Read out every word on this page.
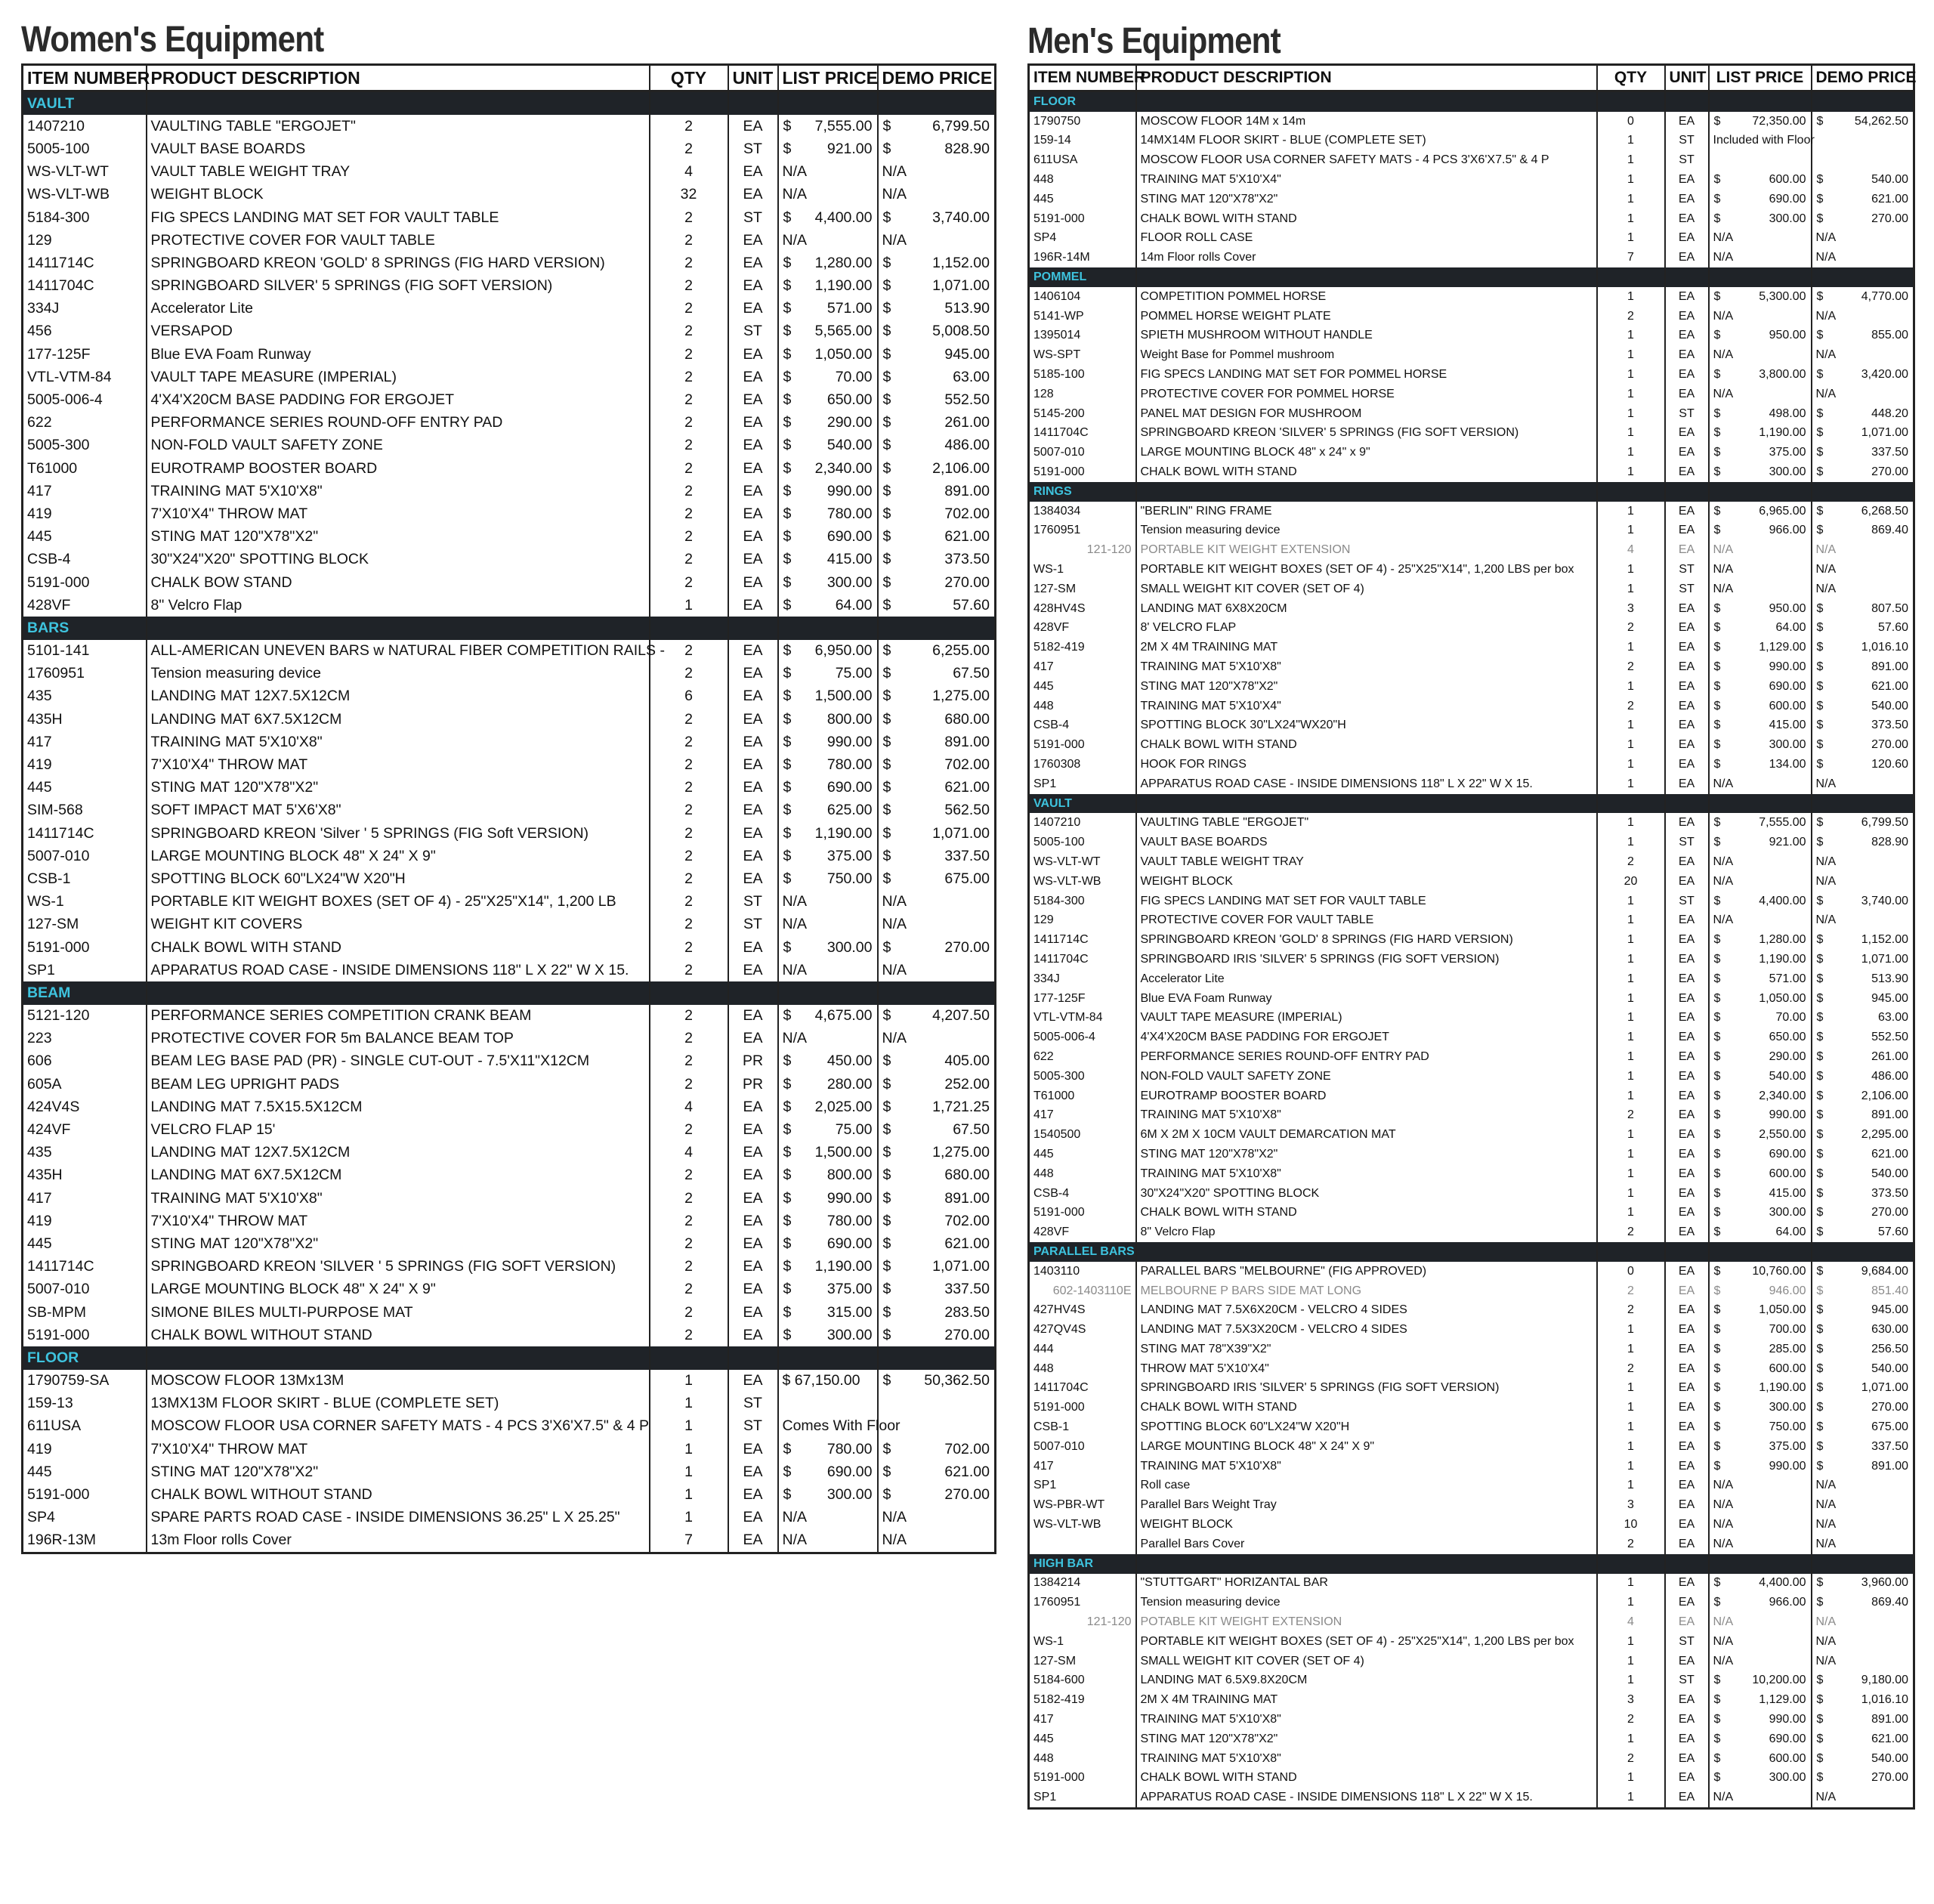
Women's Equipment
ITEM NUMBER	PRODUCT DESCRIPTION	QTY	UNIT	LIST PRICE	DEMO PRICE
VAULT					
1407210	VAULTING TABLE "ERGOJET"	2	EA	$ 7,555.00	$ 6,799.50

5005-100	VAULT BASE BOARDS	2	ST	$ 921.00	$ 828.90

WS-VLT-WT	VAULT TABLE WEIGHT TRAY	4	EA	N/A	N/A
WS-VLT-WB	WEIGHT BLOCK	32	EA	N/A	N/A
5184-300	FIG SPECS LANDING MAT SET FOR VAULT TABLE	2	ST	$ 4,400.00	$ 3,740.00

129	PROTECTIVE COVER FOR VAULT TABLE	2	EA	N/A	N/A
1411714C	SPRINGBOARD KREON 'GOLD' 8 SPRINGS (FIG HARD VERSION)	2	EA	$ 1,280.00	$ 1,152.00

1411704C	SPRINGBOARD SILVER' 5 SPRINGS (FIG SOFT VERSION)	2	EA	$ 1,190.00	$ 1,071.00

334J	Accelerator Lite	2	EA	$ 571.00	$ 513.90

456	VERSAPOD	2	ST	$ 5,565.00	$ 5,008.50

177-125F	Blue EVA Foam Runway	2	EA	$ 1,050.00	$ 945.00

VTL-VTM-84	VAULT TAPE MEASURE (IMPERIAL)	2	EA	$ 70.00	$ 63.00

5005-006-4	4'X4'X20CM BASE PADDING FOR ERGOJET	2	EA	$ 650.00	$ 552.50

622	PERFORMANCE SERIES ROUND-OFF ENTRY PAD	2	EA	$ 290.00	$ 261.00

5005-300	NON-FOLD VAULT SAFETY ZONE	2	EA	$ 540.00	$ 486.00

T61000	EUROTRAMP BOOSTER BOARD	2	EA	$ 2,340.00	$ 2,106.00

417	TRAINING MAT 5'X10'X8"	2	EA	$ 990.00	$ 891.00

419	7'X10'X4" THROW MAT	2	EA	$ 780.00	$ 702.00

445	STING MAT 120"X78"X2"	2	EA	$ 690.00	$ 621.00

CSB-4	30"X24"X20" SPOTTING BLOCK	2	EA	$ 415.00	$ 373.50

5191-000	CHALK BOW STAND	2	EA	$ 300.00	$ 270.00

428VF	8" Velcro Flap	1	EA	$ 64.00	$ 57.60

BARS					
5101-141	ALL-AMERICAN UNEVEN BARS w NATURAL FIBER COMPETITION RAILS -	2	EA	$ 6,950.00	$ 6,255.00

1760951	Tension measuring device	2	EA	$ 75.00	$ 67.50

435	LANDING MAT 12X7.5X12CM	6	EA	$ 1,500.00	$ 1,275.00

435H	LANDING MAT 6X7.5X12CM	2	EA	$ 800.00	$ 680.00

417	TRAINING MAT 5'X10'X8"	2	EA	$ 990.00	$ 891.00

419	7'X10'X4" THROW MAT	2	EA	$ 780.00	$ 702.00

445	STING MAT 120"X78"X2"	2	EA	$ 690.00	$ 621.00

SIM-568	SOFT IMPACT MAT 5'X6'X8"	2	EA	$ 625.00	$ 562.50

1411714C	SPRINGBOARD KREON 'Silver ' 5 SPRINGS (FIG Soft VERSION)	2	EA	$ 1,190.00	$ 1,071.00

5007-010	LARGE MOUNTING BLOCK 48" X 24" X 9"	2	EA	$ 375.00	$ 337.50

CSB-1	SPOTTING BLOCK 60"LX24"W X20"H	2	EA	$ 750.00	$ 675.00

WS-1	PORTABLE KIT WEIGHT BOXES (SET OF 4) - 25"X25"X14", 1,200 LB	2	ST	N/A	N/A
127-SM	WEIGHT KIT COVERS	2	ST	N/A	N/A
5191-000	CHALK BOWL WITH STAND	2	EA	$ 300.00	$ 270.00

SP1	APPARATUS ROAD CASE - INSIDE DIMENSIONS 118" L X 22" W X 15.	2	EA	N/A	N/A
BEAM					
5121-120	PERFORMANCE SERIES COMPETITION CRANK BEAM	2	EA	$ 4,675.00	$ 4,207.50

223	PROTECTIVE COVER FOR 5m BALANCE BEAM TOP	2	EA	N/A	N/A
606	BEAM LEG BASE PAD (PR) - SINGLE CUT-OUT - 7.5'X11"X12CM	2	PR	$ 450.00	$ 405.00

605A	BEAM LEG UPRIGHT PADS	2	PR	$ 280.00	$ 252.00

424V4S	LANDING MAT 7.5X15.5X12CM	4	EA	$ 2,025.00	$ 1,721.25

424VF	VELCRO FLAP 15'	2	EA	$ 75.00	$ 67.50

435	LANDING MAT 12X7.5X12CM	4	EA	$ 1,500.00	$ 1,275.00

435H	LANDING MAT 6X7.5X12CM	2	EA	$ 800.00	$ 680.00

417	TRAINING MAT 5'X10'X8"	2	EA	$ 990.00	$ 891.00

419	7'X10'X4" THROW MAT	2	EA	$ 780.00	$ 702.00

445	STING MAT 120"X78"X2"	2	EA	$ 690.00	$ 621.00

1411714C	SPRINGBOARD KREON 'SILVER ' 5 SPRINGS (FIG SOFT VERSION)	2	EA	$ 1,190.00	$ 1,071.00

5007-010	LARGE MOUNTING BLOCK 48" X 24" X 9"	2	EA	$ 375.00	$ 337.50

SB-MPM	SIMONE BILES MULTI-PURPOSE MAT	2	EA	$ 315.00	$ 283.50

5191-000	CHALK BOWL WITHOUT STAND	2	EA	$ 300.00	$ 270.00

FLOOR					
1790759-SA	MOSCOW FLOOR 13Mx13M	1	EA	$ 67,150.00	$ 50,362.50

159-13	13MX13M FLOOR SKIRT - BLUE (COMPLETE SET)	1	ST		
611USA	MOSCOW FLOOR USA CORNER SAFETY MATS - 4 PCS 3'X6'X7.5" & 4 P	1	ST	Comes With Floor	
419	7'X10'X4" THROW MAT	1	EA	$ 780.00	$ 702.00

445	STING MAT 120"X78"X2"	1	EA	$ 690.00	$ 621.00

5191-000	CHALK BOWL WITHOUT STAND	1	EA	$ 300.00	$ 270.00

SP4	SPARE PARTS ROAD CASE - INSIDE DIMENSIONS 36.25" L X 25.25"	1	EA	N/A	N/A
196R-13M	13m Floor rolls Cover	7	EA	N/A	N/A
Men's Equipment
ITEM NUMBER	PRODUCT DESCRIPTION	QTY	UNIT	LIST PRICE	DEMO PRICE
FLOOR					
1790750	MOSCOW FLOOR 14M x 14m	0	EA	$ 72,350.00	$ 54,262.50

159-14	14MX14M FLOOR SKIRT - BLUE (COMPLETE SET)	1	ST	Included with Floor	
611USA	MOSCOW FLOOR USA CORNER SAFETY MATS - 4 PCS 3'X6'X7.5" & 4 P	1	ST		
448	TRAINING MAT 5'X10'X4"	1	EA	$ 600.00	$ 540.00

445	STING MAT 120"X78"X2"	1	EA	$ 690.00	$ 621.00

5191-000	CHALK BOWL WITH STAND	1	EA	$ 300.00	$ 270.00

SP4	FLOOR ROLL CASE	1	EA	N/A	N/A
196R-14M	14m Floor rolls Cover	7	EA	N/A	N/A
POMMEL					
1406104	COMPETITION POMMEL HORSE	1	EA	$ 5,300.00	$ 4,770.00

5141-WP	POMMEL HORSE WEIGHT PLATE	2	EA	N/A	N/A
1395014	SPIETH MUSHROOM WITHOUT HANDLE	1	EA	$ 950.00	$ 855.00

WS-SPT	Weight Base for Pommel mushroom	1	EA	N/A	N/A
5185-100	FIG SPECS LANDING MAT SET FOR POMMEL HORSE	1	EA	$ 3,800.00	$ 3,420.00

128	PROTECTIVE COVER FOR POMMEL HORSE	1	EA	N/A	N/A
5145-200	PANEL MAT DESIGN FOR MUSHROOM	1	ST	$ 498.00	$ 448.20

1411704C	SPRINGBOARD KREON 'SILVER' 5 SPRINGS (FIG SOFT VERSION)	1	EA	$ 1,190.00	$ 1,071.00

5007-010	LARGE MOUNTING BLOCK 48" x 24" x 9"	1	EA	$ 375.00	$ 337.50

5191-000	CHALK BOWL WITH STAND	1	EA	$ 300.00	$ 270.00

RINGS					
1384034	"BERLIN" RING FRAME	1	EA	$ 6,965.00	$ 6,268.50

1760951	Tension measuring device	1	EA	$ 966.00	$ 869.40

121-120	PORTABLE KIT WEIGHT EXTENSION	4	EA	N/A	N/A
WS-1	PORTABLE KIT WEIGHT BOXES (SET OF 4) - 25"X25"X14", 1,200 LBS per box	1	ST	N/A	N/A
127-SM	SMALL WEIGHT KIT COVER (SET OF 4)	1	ST	N/A	N/A
428HV4S	LANDING MAT 6X8X20CM	3	EA	$ 950.00	$ 807.50

428VF	8' VELCRO FLAP	2	EA	$ 64.00	$ 57.60

5182-419	2M X 4M TRAINING MAT	1	EA	$ 1,129.00	$ 1,016.10

417	TRAINING MAT 5'X10'X8"	2	EA	$ 990.00	$ 891.00

445	STING MAT 120"X78"X2"	1	EA	$ 690.00	$ 621.00

448	TRAINING MAT 5'X10'X4"	2	EA	$ 600.00	$ 540.00

CSB-4	SPOTTING BLOCK 30"LX24"WX20"H	1	EA	$ 415.00	$ 373.50

5191-000	CHALK BOWL WITH STAND	1	EA	$ 300.00	$ 270.00

1760308	HOOK FOR RINGS	1	EA	$ 134.00	$ 120.60

SP1	APPARATUS ROAD CASE - INSIDE DIMENSIONS 118" L X 22" W X 15.	1	EA	N/A	N/A
VAULT					
1407210	VAULTING TABLE "ERGOJET"	1	EA	$ 7,555.00	$ 6,799.50

5005-100	VAULT BASE BOARDS	1	ST	$ 921.00	$ 828.90

WS-VLT-WT	VAULT TABLE WEIGHT TRAY	2	EA	N/A	N/A
WS-VLT-WB	WEIGHT BLOCK	20	EA	N/A	N/A
5184-300	FIG SPECS LANDING MAT SET FOR VAULT TABLE	1	ST	$ 4,400.00	$ 3,740.00

129	PROTECTIVE COVER FOR VAULT TABLE	1	EA	N/A	N/A
1411714C	SPRINGBOARD KREON 'GOLD' 8 SPRINGS (FIG HARD VERSION)	1	EA	$ 1,280.00	$ 1,152.00

1411704C	SPRINGBOARD IRIS 'SILVER' 5 SPRINGS (FIG SOFT VERSION)	1	EA	$ 1,190.00	$ 1,071.00

334J	Accelerator Lite	1	EA	$ 571.00	$ 513.90

177-125F	Blue EVA Foam Runway	1	EA	$ 1,050.00	$ 945.00

VTL-VTM-84	VAULT TAPE MEASURE (IMPERIAL)	1	EA	$ 70.00	$ 63.00

5005-006-4	4'X4'X20CM BASE PADDING FOR ERGOJET	1	EA	$ 650.00	$ 552.50

622	PERFORMANCE SERIES ROUND-OFF ENTRY PAD	1	EA	$ 290.00	$ 261.00

5005-300	NON-FOLD VAULT SAFETY ZONE	1	EA	$ 540.00	$ 486.00

T61000	EUROTRAMP BOOSTER BOARD	1	EA	$ 2,340.00	$ 2,106.00

417	TRAINING MAT 5'X10'X8"	2	EA	$ 990.00	$ 891.00

1540500	6M X 2M X 10CM VAULT DEMARCATION MAT	1	EA	$ 2,550.00	$ 2,295.00

445	STING MAT 120"X78"X2"	1	EA	$ 690.00	$ 621.00

448	TRAINING MAT 5'X10'X8"	1	EA	$ 600.00	$ 540.00

CSB-4	30"X24"X20" SPOTTING BLOCK	1	EA	$ 415.00	$ 373.50

5191-000	CHALK BOWL WITH STAND	1	EA	$ 300.00	$ 270.00

428VF	8" Velcro Flap	2	EA	$ 64.00	$ 57.60

PARALLEL BARS					
1403110	PARALLEL BARS "MELBOURNE" (FIG APPROVED)	0	EA	$ 10,760.00	$ 9,684.00

602-1403110E	MELBOURNE P BARS SIDE MAT LONG	2	EA	$ 946.00	$ 851.40

427HV4S	LANDING MAT 7.5X6X20CM - VELCRO 4 SIDES	2	EA	$ 1,050.00	$ 945.00

427QV4S	LANDING MAT 7.5X3X20CM - VELCRO 4 SIDES	1	EA	$ 700.00	$ 630.00

444	STING MAT 78"X39"X2"	1	EA	$ 285.00	$ 256.50

448	THROW MAT 5'X10'X4"	2	EA	$ 600.00	$ 540.00

1411704C	SPRINGBOARD IRIS 'SILVER' 5 SPRINGS (FIG SOFT VERSION)	1	EA	$ 1,190.00	$ 1,071.00

5191-000	CHALK BOWL WITH STAND	1	EA	$ 300.00	$ 270.00

CSB-1	SPOTTING BLOCK 60"LX24"W X20"H	1	EA	$ 750.00	$ 675.00

5007-010	LARGE MOUNTING BLOCK 48" X 24" X 9"	1	EA	$ 375.00	$ 337.50

417	TRAINING MAT 5'X10'X8"	1	EA	$ 990.00	$ 891.00

SP1	Roll case	1	EA	N/A	N/A
WS-PBR-WT	Parallel Bars Weight Tray	3	EA	N/A	N/A
WS-VLT-WB	WEIGHT BLOCK	10	EA	N/A	N/A
	Parallel Bars Cover	2	EA	N/A	N/A
HIGH BAR					
1384214	"STUTTGART" HORIZANTAL BAR	1	EA	$ 4,400.00	$ 3,960.00

1760951	Tension measuring device	1	EA	$ 966.00	$ 869.40

121-120	POTABLE KIT WEIGHT EXTENSION	4	EA	N/A	N/A
WS-1	PORTABLE KIT WEIGHT BOXES (SET OF 4) - 25"X25"X14", 1,200 LBS per box	1	ST	N/A	N/A
127-SM	SMALL WEIGHT KIT COVER (SET OF 4)	1	EA	N/A	N/A
5184-600	LANDING MAT 6.5X9.8X20CM	1	ST	$ 10,200.00	$ 9,180.00

5182-419	2M X 4M TRAINING MAT	3	EA	$ 1,129.00	$ 1,016.10

417	TRAINING MAT 5'X10'X8"	2	EA	$ 990.00	$ 891.00

445	STING MAT 120"X78"X2"	1	EA	$ 690.00	$ 621.00

448	TRAINING MAT 5'X10'X8"	2	EA	$ 600.00	$ 540.00

5191-000	CHALK BOWL WITH STAND	1	EA	$ 300.00	$ 270.00

SP1	APPARATUS ROAD CASE - INSIDE DIMENSIONS 118" L X 22" W X 15.	1	EA	N/A	N/A
